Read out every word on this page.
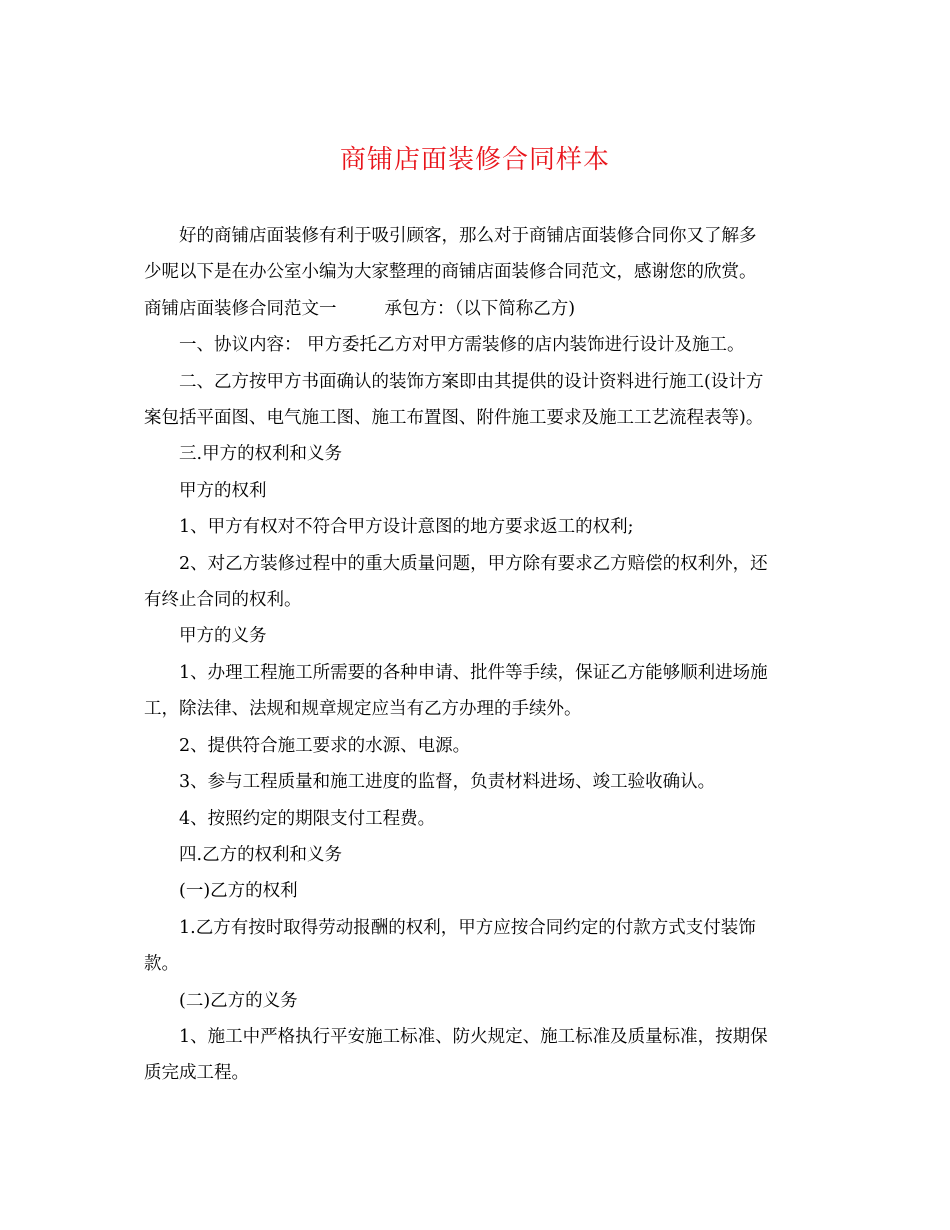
商铺店面装修合同样本
好的商铺店面装修有利于吸引顾客，那么对于商铺店面装修合同你又了解多
少呢以下是在办公室小编为大家整理的商铺店面装修合同范文，感谢您的欣赏。
商铺店面装修合同范文一	承包方：（以下简称乙方)
一、协议内容： 甲方委托乙方对甲方需装修的店内装饰进行设计及施工。
二、乙方按甲方书面确认的装饰方案即由其提供的设计资料进行施工(设计方
案包括平面图、电气施工图、施工布置图、附件施工要求及施工工艺流程表等)。
三.甲方的权利和义务
甲方的权利
1、甲方有权对不符合甲方设计意图的地方要求返工的权利;
2、对乙方装修过程中的重大质量问题，甲方除有要求乙方赔偿的权利外，还
有终止合同的权利。
甲方的义务
1、办理工程施工所需要的各种申请、批件等手续，保证乙方能够顺利进场施
工，除法律、法规和规章规定应当有乙方办理的手续外。
2、提供符合施工要求的水源、电源。
3、参与工程质量和施工进度的监督，负责材料进场、竣工验收确认。
4、按照约定的期限支付工程费。
四.乙方的权利和义务
(一)乙方的权利
1.乙方有按时取得劳动报酬的权利，甲方应按合同约定的付款方式支付装饰
款。
(二)乙方的义务
1、施工中严格执行平安施工标准、防火规定、施工标准及质量标准，按期保
质完成工程。
